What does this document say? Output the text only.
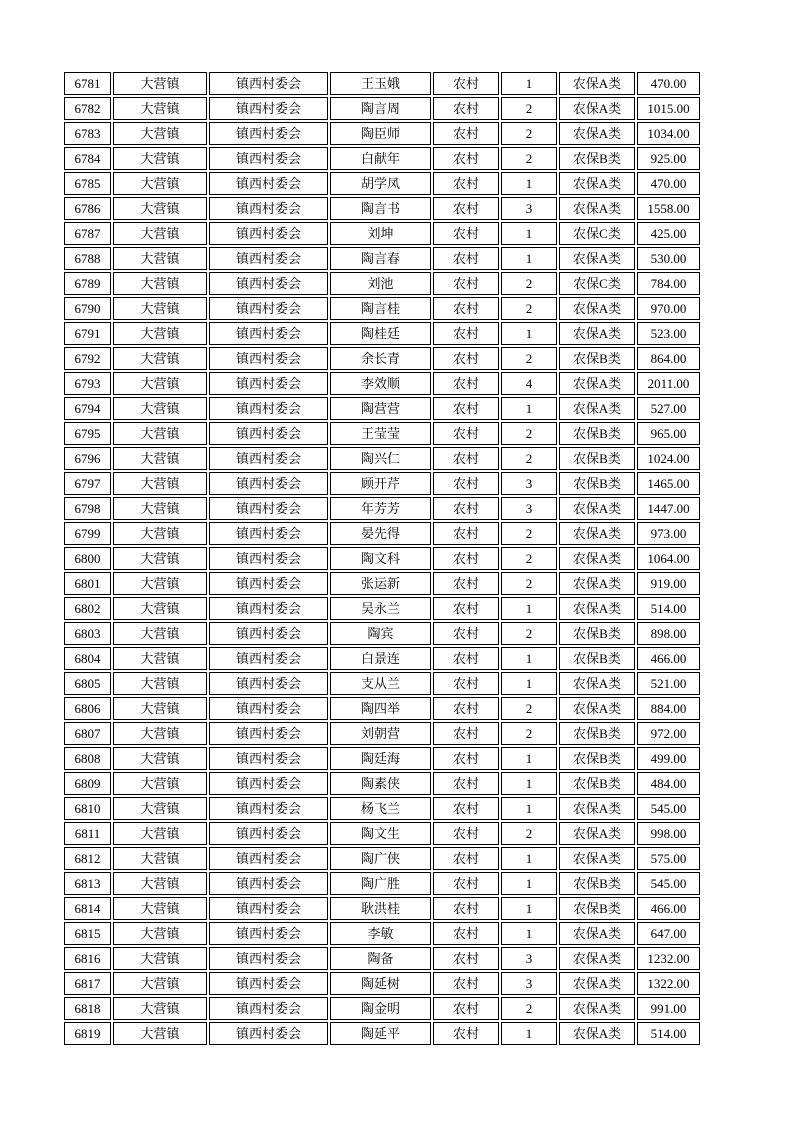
6781	大营镇	镇西村委会	王玉娥	农村	1	农保A类	470.00
6782	大营镇	镇西村委会	陶言周	农村	2	农保A类	1015.00
6783	大营镇	镇西村委会	陶臣师	农村	2	农保A类	1034.00
6784	大营镇	镇西村委会	白献年	农村	2	农保B类	925.00
6785	大营镇	镇西村委会	胡学凤	农村	1	农保A类	470.00
6786	大营镇	镇西村委会	陶言书	农村	3	农保A类	1558.00
6787	大营镇	镇西村委会	刘坤	农村	1	农保C类	425.00
6788	大营镇	镇西村委会	陶言春	农村	1	农保A类	530.00
6789	大营镇	镇西村委会	刘池	农村	2	农保C类	784.00
6790	大营镇	镇西村委会	陶言桂	农村	2	农保A类	970.00
6791	大营镇	镇西村委会	陶桂廷	农村	1	农保A类	523.00
6792	大营镇	镇西村委会	余长青	农村	2	农保B类	864.00
6793	大营镇	镇西村委会	李效顺	农村	4	农保A类	2011.00
6794	大营镇	镇西村委会	陶营营	农村	1	农保A类	527.00
6795	大营镇	镇西村委会	王莹莹	农村	2	农保B类	965.00
6796	大营镇	镇西村委会	陶兴仁	农村	2	农保B类	1024.00
6797	大营镇	镇西村委会	顾开芹	农村	3	农保B类	1465.00
6798	大营镇	镇西村委会	年芳芳	农村	3	农保A类	1447.00
6799	大营镇	镇西村委会	晏先得	农村	2	农保A类	973.00
6800	大营镇	镇西村委会	陶文科	农村	2	农保A类	1064.00
6801	大营镇	镇西村委会	张运新	农村	2	农保A类	919.00
6802	大营镇	镇西村委会	吴永兰	农村	1	农保A类	514.00
6803	大营镇	镇西村委会	陶宾	农村	2	农保B类	898.00
6804	大营镇	镇西村委会	白景连	农村	1	农保B类	466.00
6805	大营镇	镇西村委会	支从兰	农村	1	农保A类	521.00
6806	大营镇	镇西村委会	陶四举	农村	2	农保A类	884.00
6807	大营镇	镇西村委会	刘朝营	农村	2	农保B类	972.00
6808	大营镇	镇西村委会	陶廷海	农村	1	农保B类	499.00
6809	大营镇	镇西村委会	陶素侠	农村	1	农保B类	484.00
6810	大营镇	镇西村委会	杨飞兰	农村	1	农保A类	545.00
6811	大营镇	镇西村委会	陶文生	农村	2	农保A类	998.00
6812	大营镇	镇西村委会	陶广侠	农村	1	农保A类	575.00
6813	大营镇	镇西村委会	陶广胜	农村	1	农保B类	545.00
6814	大营镇	镇西村委会	耿洪桂	农村	1	农保B类	466.00
6815	大营镇	镇西村委会	李敏	农村	1	农保A类	647.00
6816	大营镇	镇西村委会	陶备	农村	3	农保A类	1232.00
6817	大营镇	镇西村委会	陶延树	农村	3	农保A类	1322.00
6818	大营镇	镇西村委会	陶金明	农村	2	农保A类	991.00
6819	大营镇	镇西村委会	陶延平	农村	1	农保A类	514.00
